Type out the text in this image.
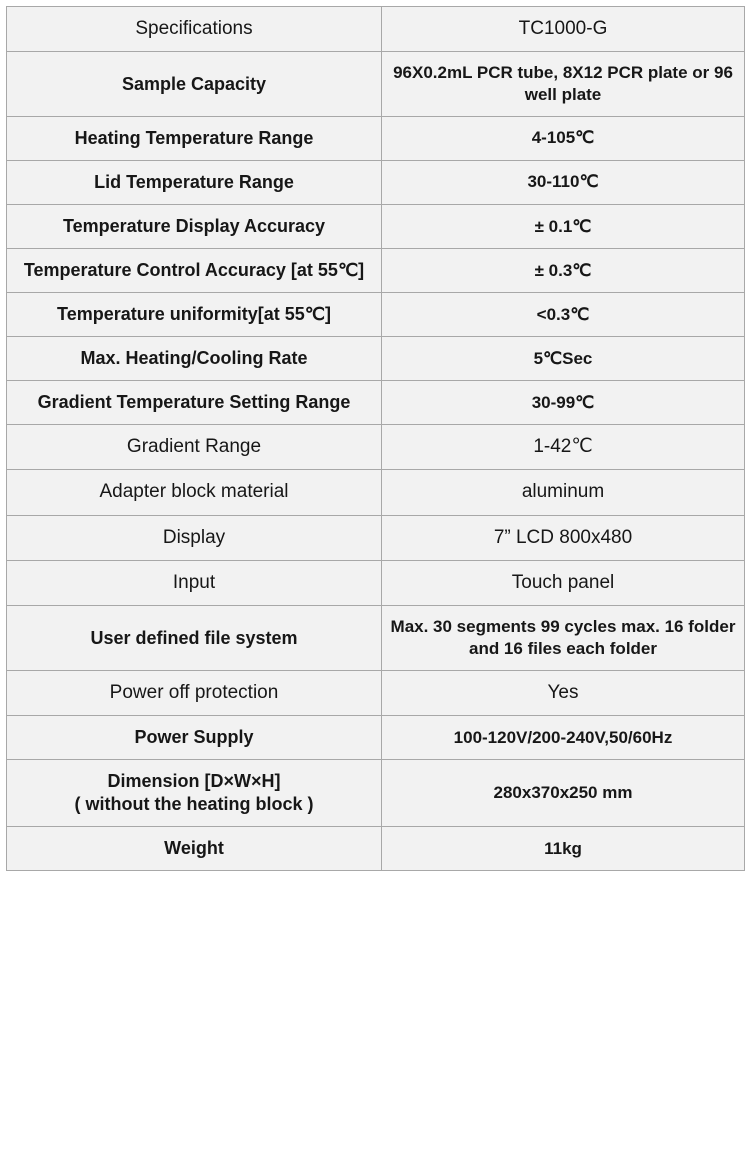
Specifications	TC1000-G
Sample Capacity	96X0.2mL PCR tube, 8X12 PCR plate or 96 well plate
Heating Temperature Range	4-105℃
Lid Temperature Range	30-110℃
Temperature Display Accuracy	± 0.1℃
Temperature Control Accuracy [at 55℃]	± 0.3℃
Temperature uniformity[at 55℃]	<0.3℃
Max. Heating/Cooling Rate	5℃Sec
Gradient Temperature Setting Range	30-99℃
Gradient Range	1-42℃
Adapter block material	aluminum
Display	7” LCD 800x480
Input	Touch panel
User defined file system	Max. 30 segments 99 cycles max. 16 folder and 16 files each folder
Power off protection	Yes
Power Supply	100-120V/200-240V,50/60Hz

Dimension [D×W×H]
( without the heating block )	280x370x250 mm
Weight	11kg
